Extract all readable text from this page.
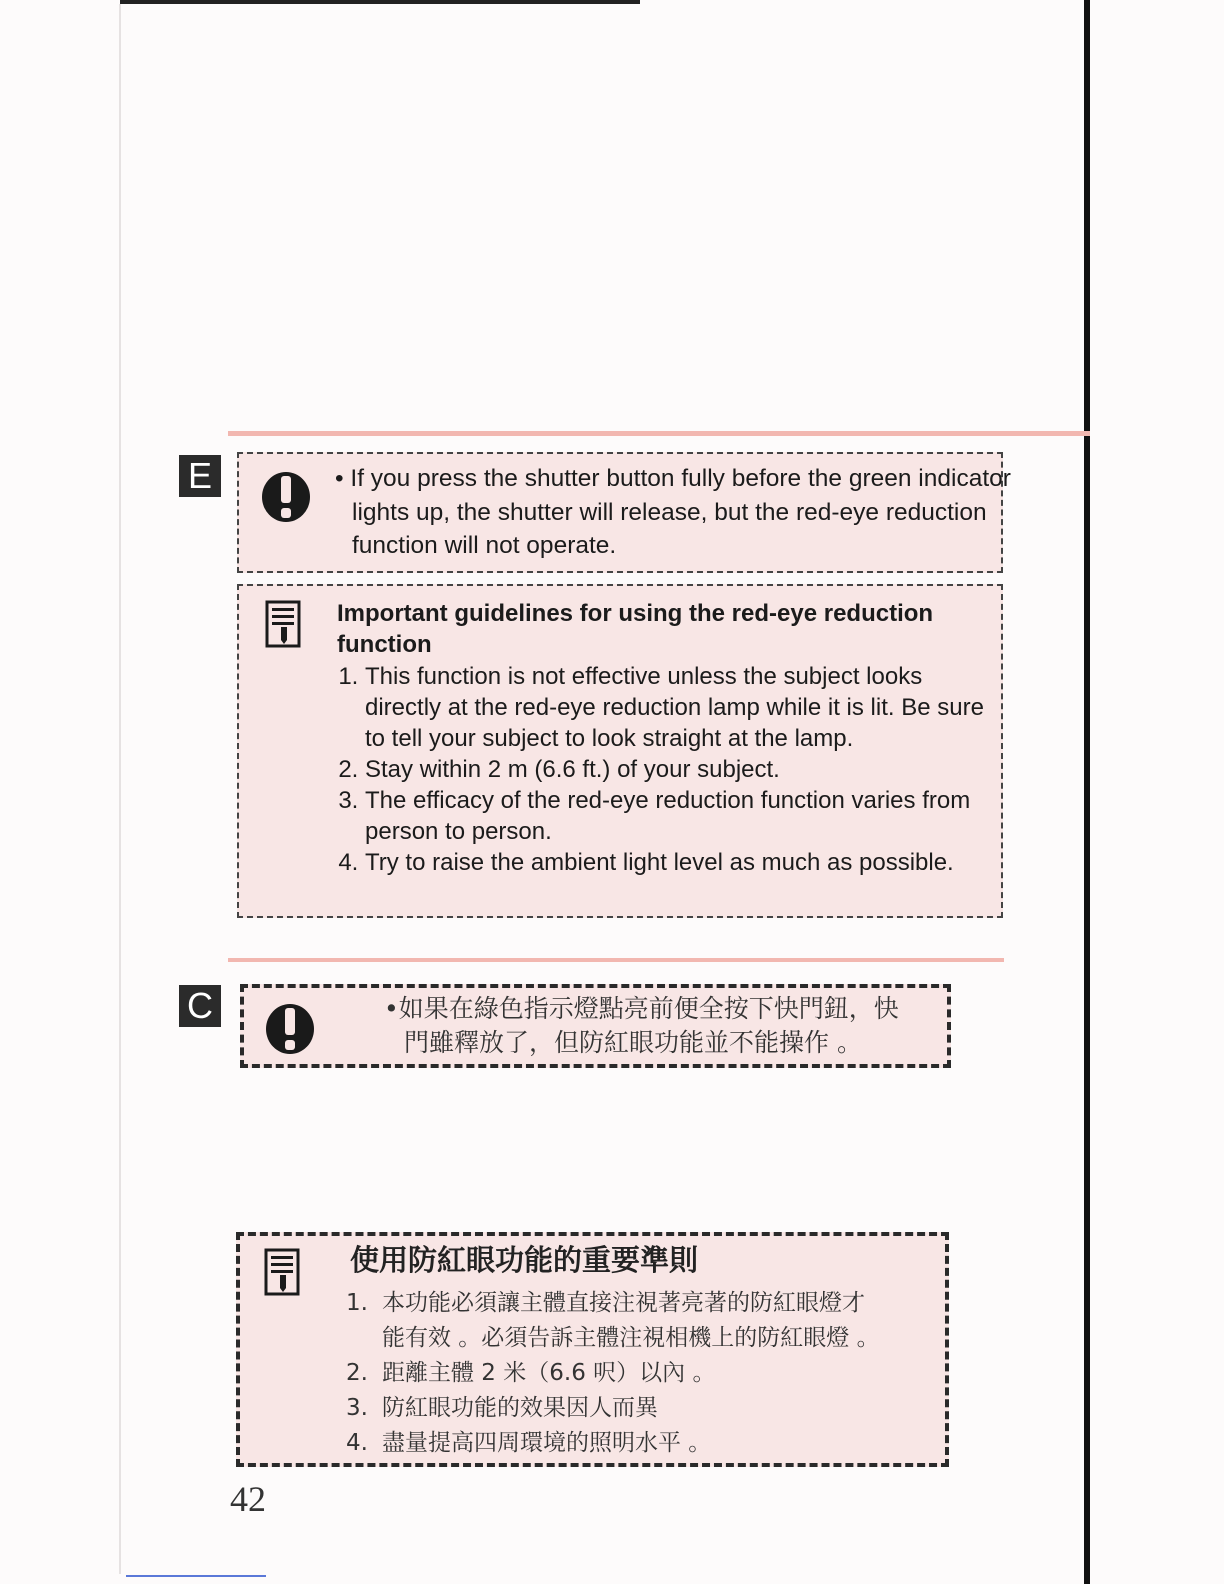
E	• If you press the shutter button fully before the green indicator lights up, the shutter will release, but the red-eye reduction function will not operate.
Important guidelines for using the red-eye reduction function
1. This function is not effective unless the subject looks directly at the red-eye reduction lamp while it is lit. Be sure to tell your subject to look straight at the lamp.
2. Stay within 2 m (6.6 ft.) of your subject.
3. The efficacy of the red-eye reduction function varies from person to person.
4. Try to raise the ambient light level as much as possible.
C	•如果在綠色指示燈點亮前便全按下快門鈕，快
門雖釋放了，但防紅眼功能並不能操作 。
使用防紅眼功能的重要準則
1. 本功能必須讓主體直接注視著亮著的防紅眼燈才
能有效 。必須告訴主體注視相機上的防紅眼燈 。
2. 距離主體 2 米（6.6 呎）以內 。
3. 防紅眼功能的效果因人而異
4. 盡量提高四周環境的照明水平 。
42
